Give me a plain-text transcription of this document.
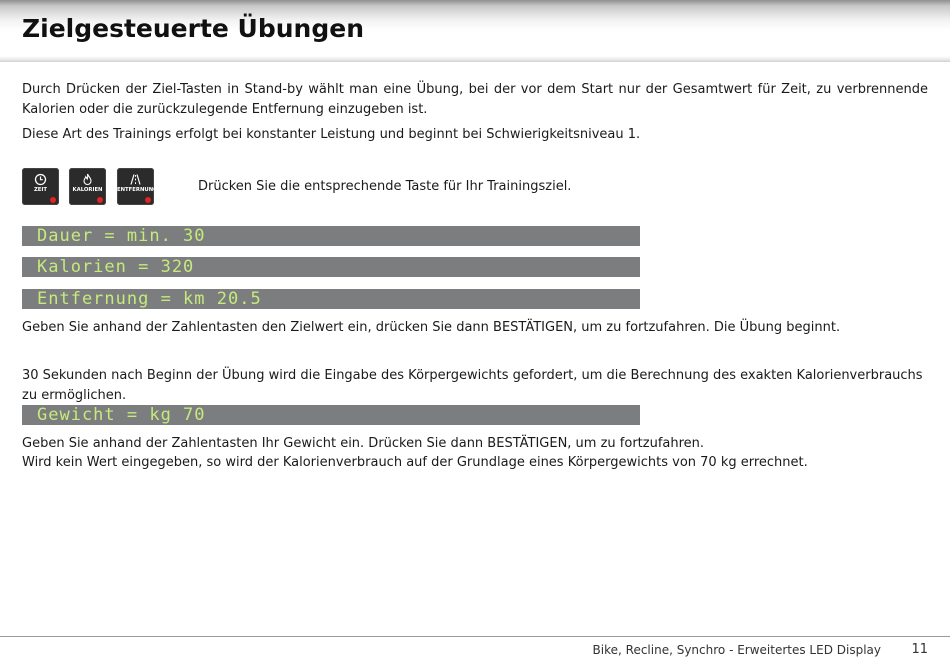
Zielgesteuerte Übungen
Durch Drücken der Ziel-Tasten in Stand-by wählt man eine Übung, bei der vor dem Start nur der Gesamtwert für Zeit, zu verbrennende Kalorien oder die zurückzulegende Entfernung einzugeben ist.
Diese Art des Trainings erfolgt bei konstanter Leistung und beginnt bei Schwierigkeitsniveau 1.
ZEIT	KALORIEN	ENTFERNUNG	Drücken Sie die entsprechende Taste für Ihr Trainingsziel.
Dauer = min. 30
Kalorien = 320
Entfernung = km 20.5
Geben Sie anhand der Zahlentasten den Zielwert ein, drücken Sie dann BESTÄTIGEN, um zu fortzufahren. Die Übung beginnt.
30 Sekunden nach Beginn der Übung wird die Eingabe des Körpergewichts gefordert, um die Berechnung des exakten Kalorienverbrauchs zu ermöglichen.
Gewicht = kg 70
Geben Sie anhand der Zahlentasten Ihr Gewicht ein. Drücken Sie dann BESTÄTIGEN, um zu fortzufahren.
Wird kein Wert eingegeben, so wird der Kalorienverbrauch auf der Grundlage eines Körpergewichts von 70 kg errechnet.
Bike, Recline, Synchro - Erweitertes LED Display 11
